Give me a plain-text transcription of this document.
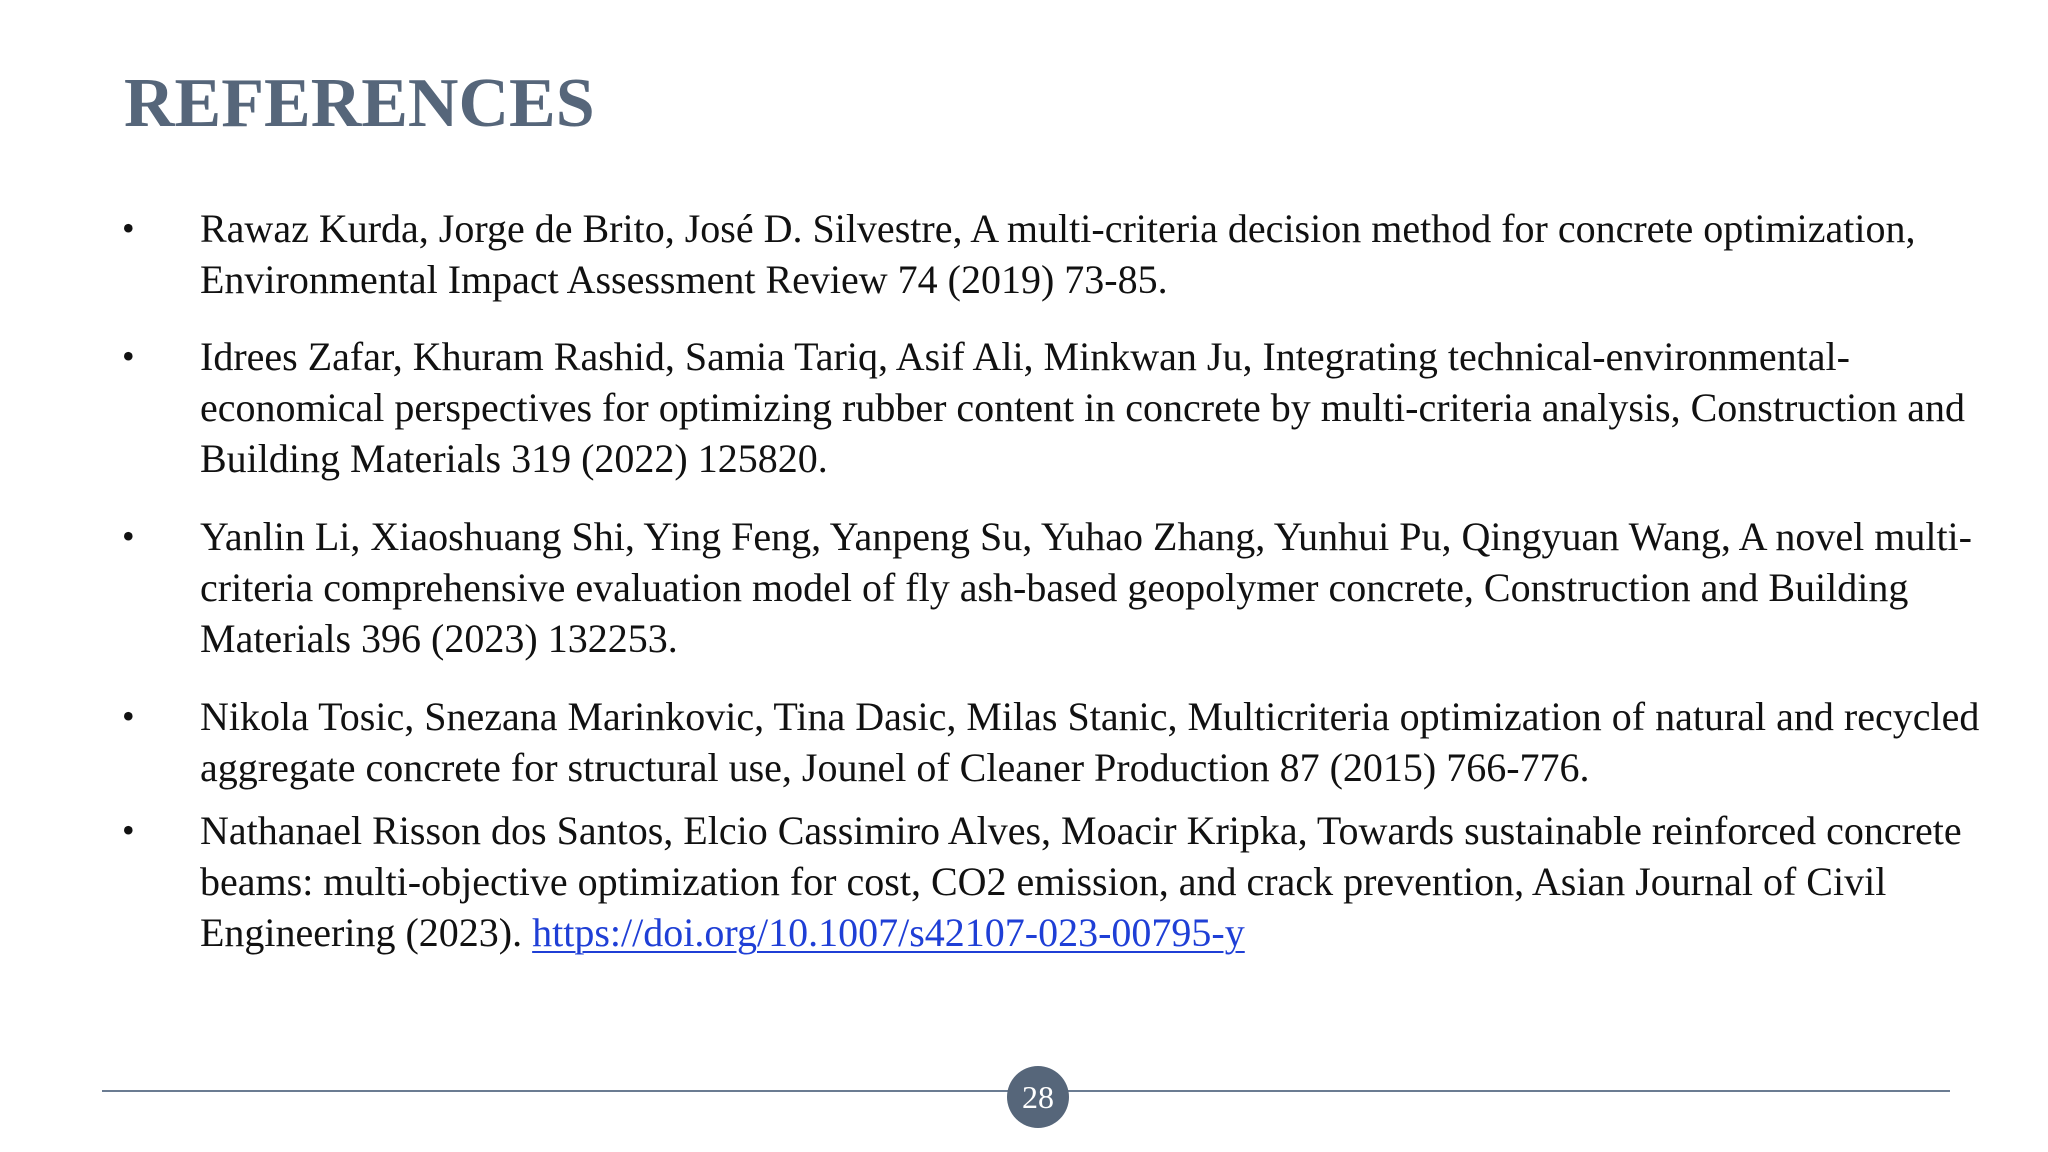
REFERENCES
• Rawaz Kurda, Jorge de Brito, José D. Silvestre, A multi-criteria decision method for concrete optimization, Environmental Impact Assessment Review 74 (2019) 73-85.
• Idrees Zafar, Khuram Rashid, Samia Tariq, Asif Ali, Minkwan Ju, Integrating technical-environmental-economical perspectives for optimizing rubber content in concrete by multi-criteria analysis, Construction and Building Materials 319 (2022) 125820.
• Yanlin Li, Xiaoshuang Shi, Ying Feng, Yanpeng Su, Yuhao Zhang, Yunhui Pu, Qingyuan Wang, A novel multi-criteria comprehensive evaluation model of fly ash-based geopolymer concrete, Construction and Building Materials 396 (2023) 132253.
• Nikola Tosic, Snezana Marinkovic, Tina Dasic, Milas Stanic, Multicriteria optimization of natural and recycled aggregate concrete for structural use, Jounel of Cleaner Production 87 (2015) 766-776.
• Nathanael Risson dos Santos, Elcio Cassimiro Alves, Moacir Kripka, Towards sustainable reinforced concrete beams: multi-objective optimization for cost, CO2 emission, and crack prevention, Asian Journal of Civil Engineering (2023). https://doi.org/10.1007/s42107-023-00795-y
28
